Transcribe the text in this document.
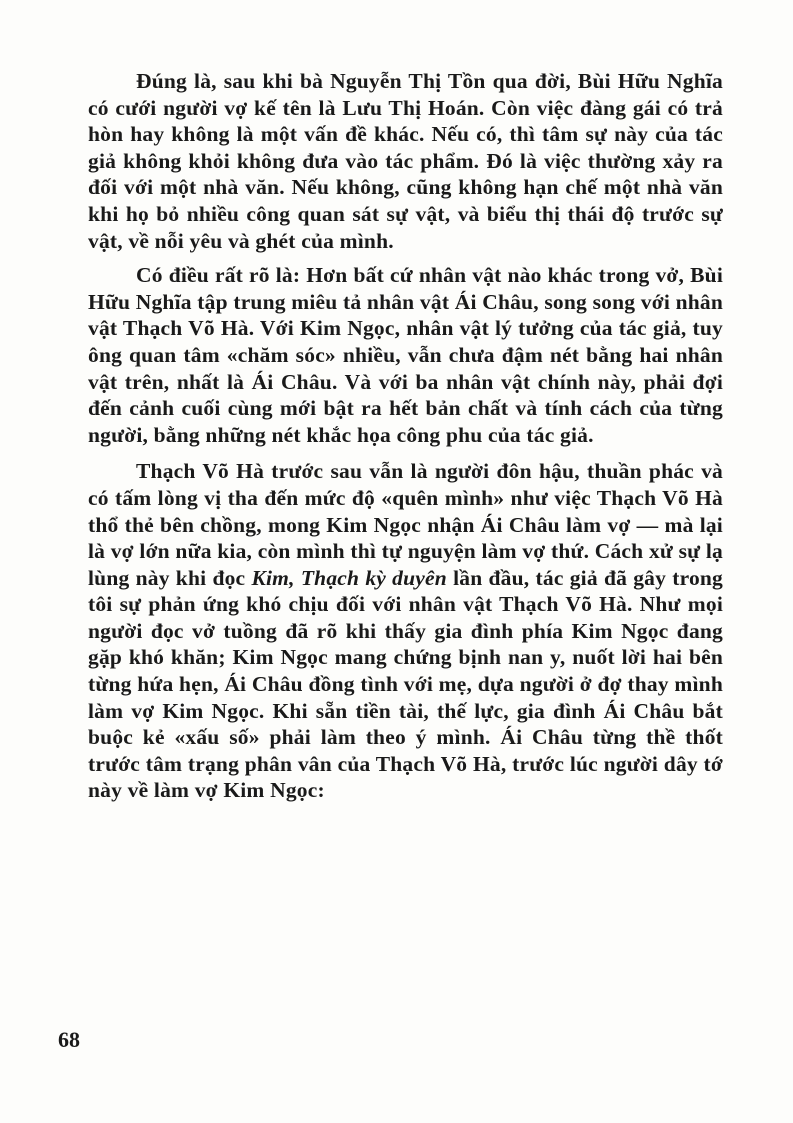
Đúng là, sau khi bà Nguyễn Thị Tồn qua đời, Bùi Hữu Nghĩa có cưới người vợ kế tên là Lưu Thị Hoán. Còn việc đàng gái có trả hòn hay không là một vấn đề khác. Nếu có, thì tâm sự này của tác giả không khỏi không đưa vào tác phẩm. Đó là việc thường xảy ra đối với một nhà văn. Nếu không, cũng không hạn chế một nhà văn khi họ bỏ nhiều công quan sát sự vật, và biểu thị thái độ trước sự vật, về nỗi yêu và ghét của mình.

Có điều rất rõ là: Hơn bất cứ nhân vật nào khác trong vở, Bùi Hữu Nghĩa tập trung miêu tả nhân vật Ái Châu, song song với nhân vật Thạch Võ Hà. Với Kim Ngọc, nhân vật lý tưởng của tác giả, tuy ông quan tâm «chăm sóc» nhiều, vẫn chưa đậm nét bằng hai nhân vật trên, nhất là Ái Châu. Và với ba nhân vật chính này, phải đợi đến cảnh cuối cùng mới bật ra hết bản chất và tính cách của từng người, bằng những nét khắc họa công phu của tác giả.

Thạch Võ Hà trước sau vẫn là người đôn hậu, thuần phác và có tấm lòng vị tha đến mức độ «quên mình» như việc Thạch Võ Hà thổ thẻ bên chồng, mong Kim Ngọc nhận Ái Châu làm vợ — mà lại là vợ lớn nữa kia, còn mình thì tự nguyện làm vợ thứ. Cách xử sự lạ lùng này khi đọc Kim, Thạch kỳ duyên lần đầu, tác giả đã gây trong tôi sự phản ứng khó chịu đối với nhân vật Thạch Võ Hà. Như mọi người đọc vở tuồng đã rõ khi thấy gia đình phía Kim Ngọc đang gặp khó khăn; Kim Ngọc mang chứng bịnh nan y, nuốt lời hai bên từng hứa hẹn, Ái Châu đồng tình với mẹ, dựa người ở đợ thay mình làm vợ Kim Ngọc. Khi sẵn tiền tài, thế lực, gia đình Ái Châu bắt buộc kẻ «xấu số» phải làm theo ý mình. Ái Châu từng thề thốt trước tâm trạng phân vân của Thạch Võ Hà, trước lúc người dây tớ này về làm vợ Kim Ngọc:

68
